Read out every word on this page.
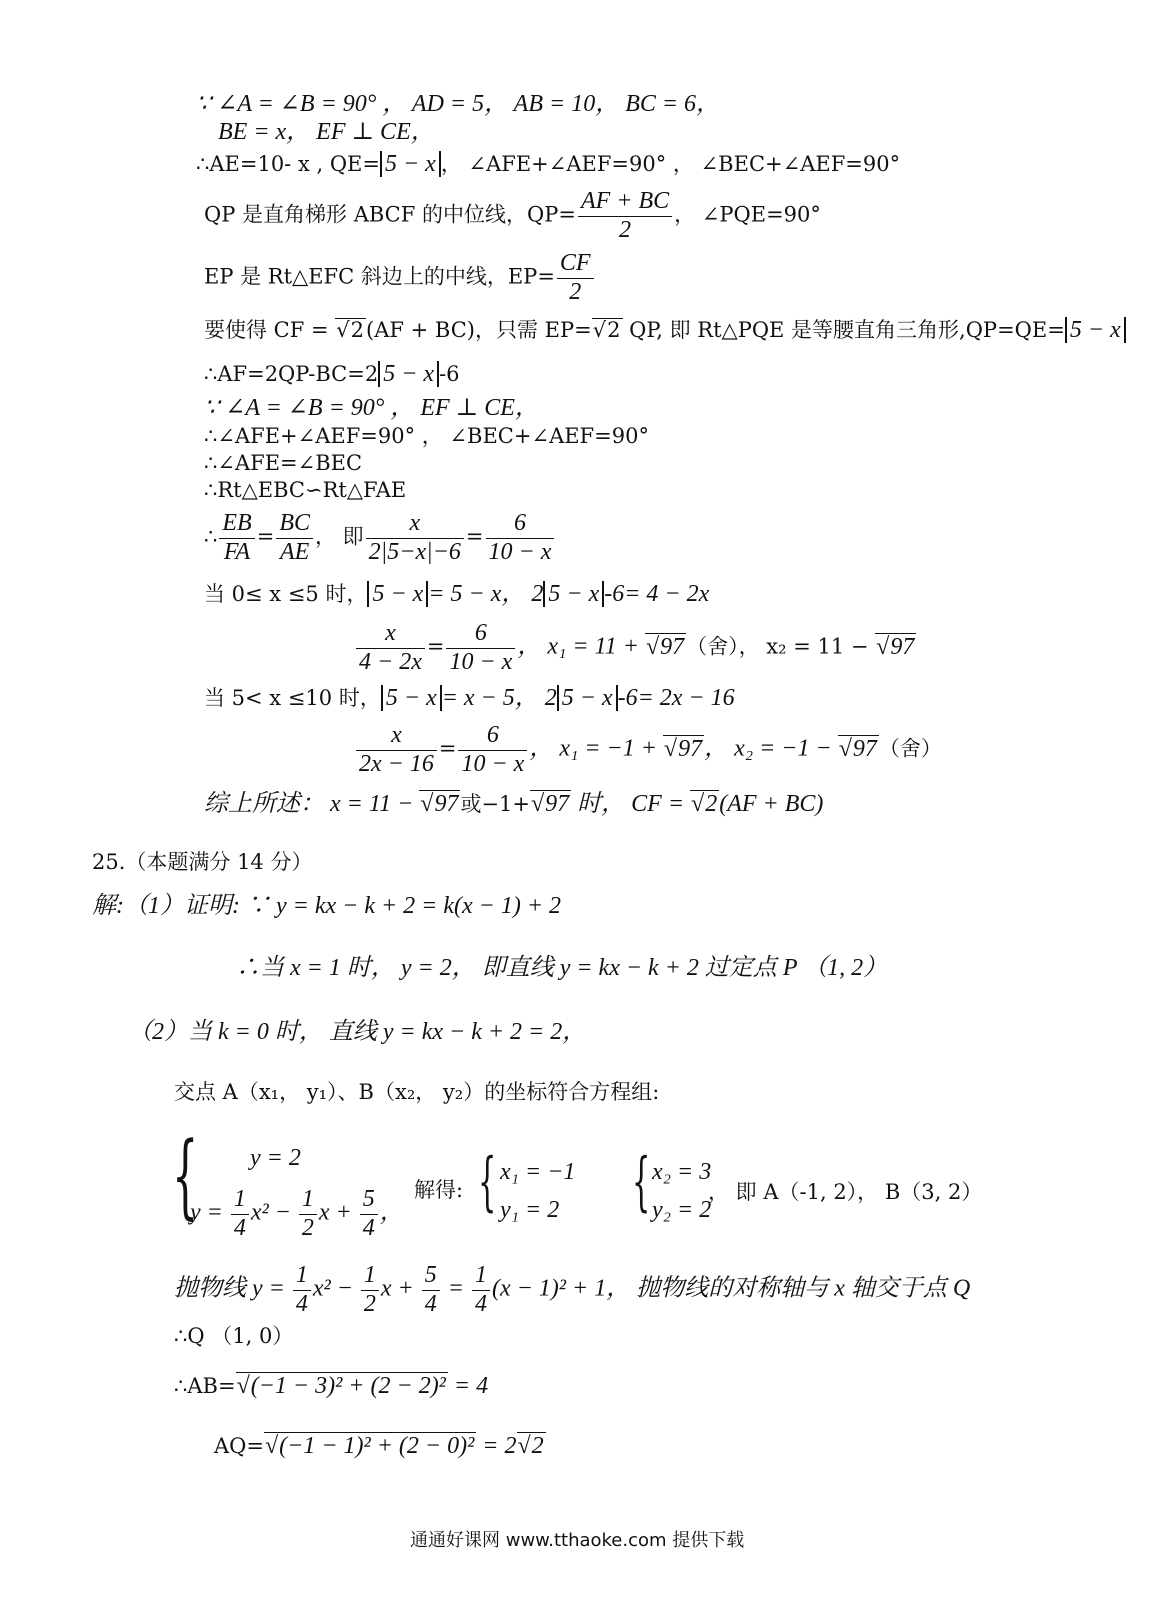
∵ ∠A = ∠B = 90° ， AD = 5， AB = 10， BC = 6，
BE = x， EF ⊥ CE，
∴AE=10- x , QE= 5 − x ， ∠AFE+∠AEF=90° ， ∠BEC+∠AEF=90°
QP 是直角梯形 ABCF 的中位线，$QP= \frac{AF + BC}{2}$ ， ∠PQE=90°
EP 是 Rt△EFC 斜边上的中线，$EP= \frac{CF}{2}$
要使得 CF = √ 2(AF + BC)，只需 EP= √ 2 QP, 即 Rt△PQE 是等腰直角三角形,QP=QE= 5 − x
∴AF=2QP-BC=2 5 − x -6
∵ ∠A = ∠B = 90° ， EF ⊥ CE，
∴∠AFE+∠AEF=90° ， ∠BEC+∠AEF=90°
∴∠AFE=∠BEC
∴Rt△EBC∽Rt△FAE
∴ $\frac{EB}{FA} = \frac{BC}{AE}$ ， 即 $\frac{x}{2|5-x|-6} = \frac{6}{10 - x}$
当 0≤ x ≤5 时， 5 − x = 5 − x， 2 5 − x -6= 4 − 2x
$\frac{x}{4 - 2x} = \frac{6}{10 - x}$ ， x₁ = 11 + √ 97（舍）， x₂ = 11 − √ 97
当 5< x ≤10 时， 5 − x = x − 5， 2 5 − x -6= 2x − 16
$\frac{x}{2x - 16} = \frac{6}{10 - x}$ ， x₁ = −1 + √ 97， x₂ = −1 − √ 97（舍）
综上所述： x = 11 − √ 97或−1+ √ 97 时， CF = √ 2(AF + BC)
25.（本题满分 14 分）
解:（1）证明: ∵ y = kx − k + 2 = k(x − 1) + 2
∴当 x = 1 时， y = 2， 即直线 y = kx − k + 2 过定点 P （1, 2）
（2）当 k = 0 时， 直线 y = kx − k + 2 = 2，
交点 A（x₁， y₁）、B（x₂， y₂）的坐标符合方程组:
{ y = 2
$y = \frac{1}{4} x^2 - \frac{1}{2}$ $x + \frac{5}{4}$ ，
解得: { x₁ = −1
y₁ = 2 { x₂ = 3
y₂ = 2
， 即 A（-1, 2）， B（3, 2）
抛物线 $y = \frac{1}{4} x^2 - \frac{1}{2}$ $x + \frac{5}{4} = \frac{1}{4} (x - 1)^2 + 1$， 抛物线的对称轴与 x 轴交于点 Q
∴Q （1, 0）
∴AB= √ (−1 − 3)² + (2 − 2)² = 4
AQ= √ (−1 − 1)² + (2 − 0)² = 2 √ 2
通通好课网 www.tthaoke.com 提供下载
